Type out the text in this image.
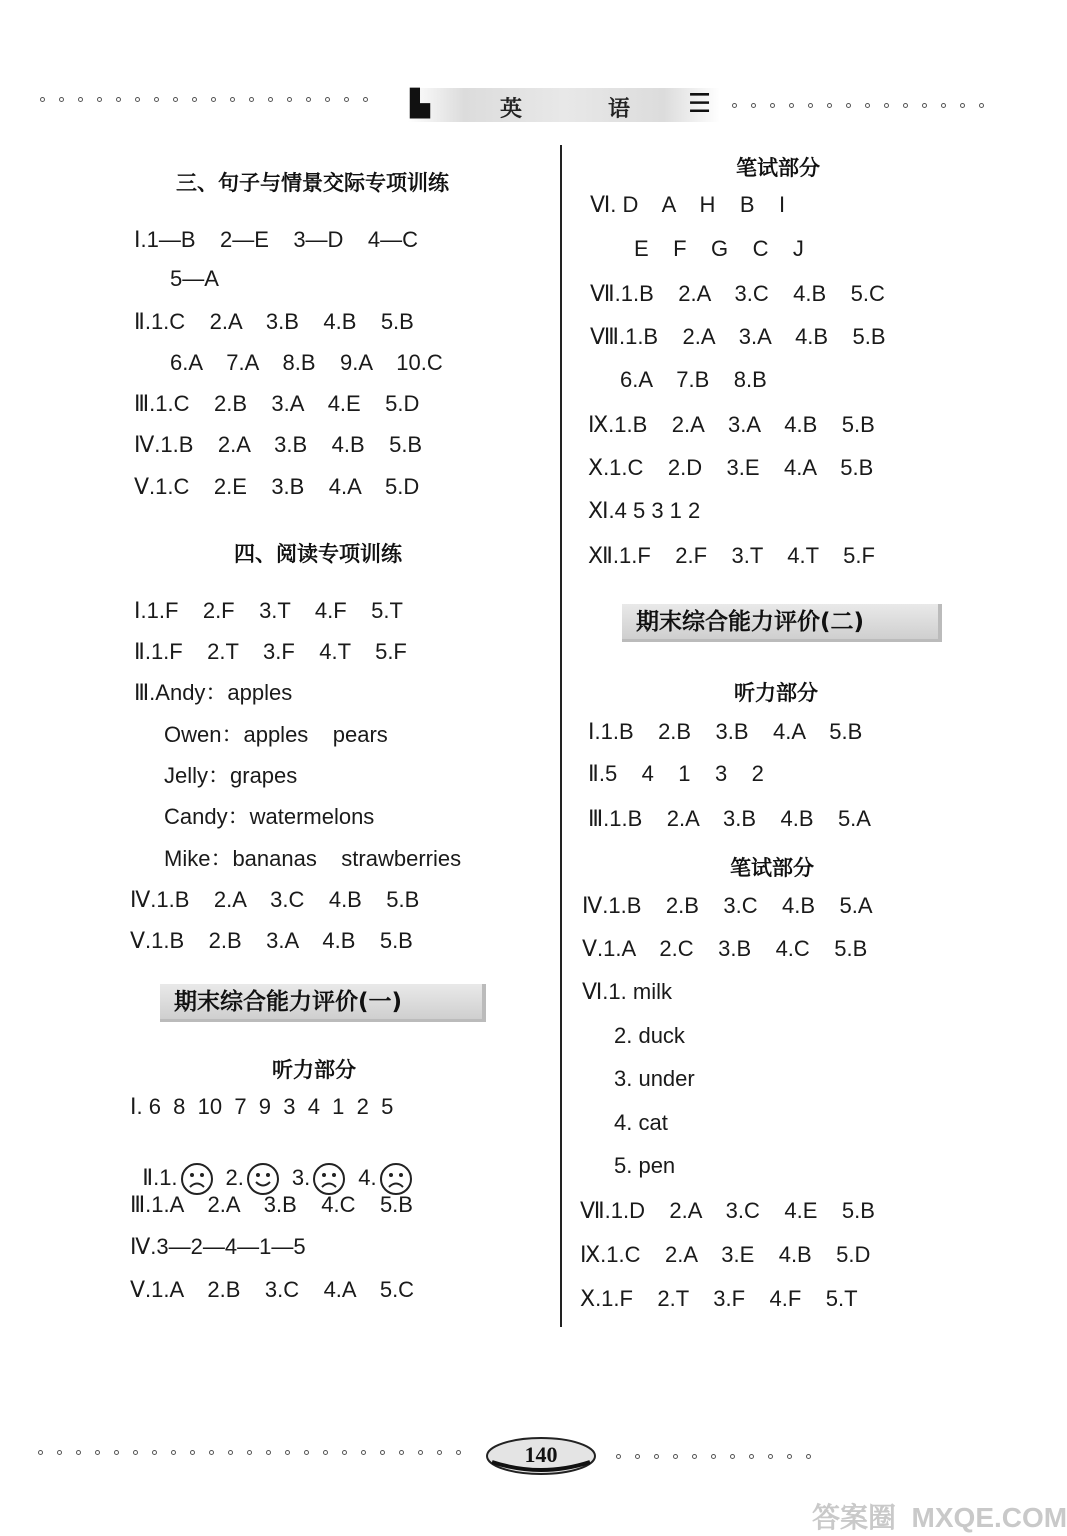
▙	☰
英	语
三、句子与情景交际专项训练
Ⅰ.1—B    2—E    3—D    4—C
5—A
Ⅱ.1.C    2.A    3.B    4.B    5.B
6.A    7.A    8.B    9.A    10.C
Ⅲ.1.C    2.B    3.A    4.E    5.D
Ⅳ.1.B    2.A    3.B    4.B    5.B
Ⅴ.1.C    2.E    3.B    4.A    5.D
四、阅读专项训练
Ⅰ.1.F    2.F    3.T    4.F    5.T
Ⅱ.1.F    2.T    3.F    4.T    5.F
Ⅲ.Andy：apples
Owen：apples    pears
Jelly：grapes
Candy：watermelons
Mike：bananas    strawberries
Ⅳ.1.B    2.A    3.C    4.B    5.B
Ⅴ.1.B    2.B    3.A    4.B    5.B
期末综合能力评价(一)
听力部分
Ⅰ. 6  8  10  7  9  3  4  1  2  5

Ⅱ.1. 2. 3. 4.

Ⅲ.1.A    2.A    3.B    4.C    5.B
Ⅳ.3—2—4—1—5
Ⅴ.1.A    2.B    3.C    4.A    5.C
笔试部分
Ⅵ. D    A    H    B    I
E    F    G    C    J
Ⅶ.1.B    2.A    3.C    4.B    5.C
Ⅷ.1.B    2.A    3.A    4.B    5.B
6.A    7.B    8.B
Ⅸ.1.B    2.A    3.A    4.B    5.B
Ⅹ.1.C    2.D    3.E    4.A    5.B
Ⅺ.4 5 3 1 2
Ⅻ.1.F    2.F    3.T    4.T    5.F
期末综合能力评价(二)
听力部分
Ⅰ.1.B    2.B    3.B    4.A    5.B
Ⅱ.5    4    1    3    2
Ⅲ.1.B    2.A    3.B    4.B    5.A
笔试部分
Ⅳ.1.B    2.B    3.C    4.B    5.A
Ⅴ.1.A    2.C    3.B    4.C    5.B
Ⅵ.1. milk
2. duck
3. under
4. cat
5. pen
Ⅶ.1.D    2.A    3.C    4.E    5.B
Ⅸ.1.C    2.A    3.E    4.B    5.D
Ⅹ.1.F    2.T    3.F    4.F    5.T
140
答案圈  MXQE.COM
